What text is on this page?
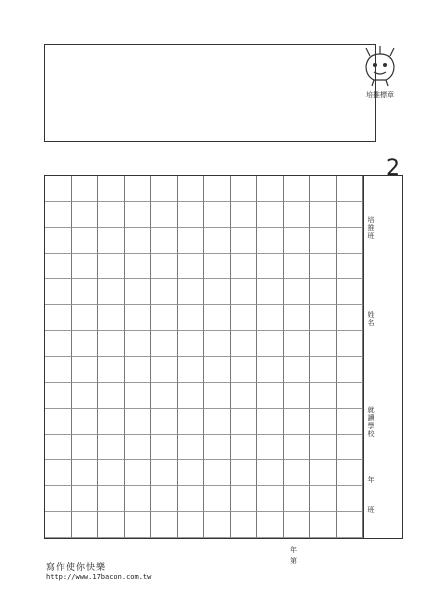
培推標章
2
培推班
姓名
就讀學校
年
班
寫作使你快樂
http://www.17bacon.com.tw
年
第
